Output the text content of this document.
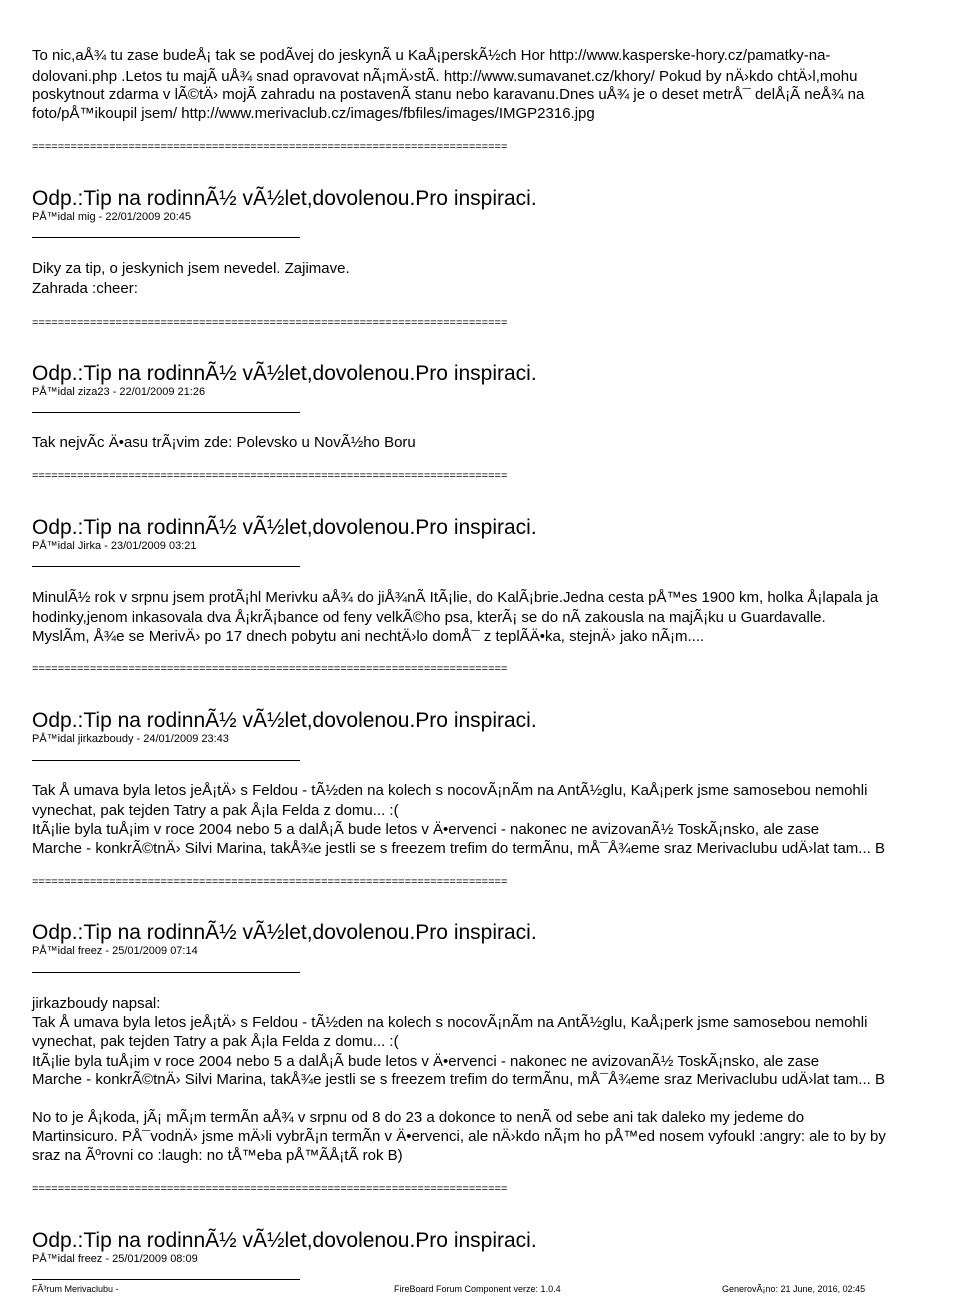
To nic,aÅ¾ tu zase budeÅ¡ tak se podÃvej do jeskynÃ u KaÅ¡perskÃ½ch Hor http://www.kasperske-hory.cz/pamatky-na-
dolovani.php .Letos tu majÃ uÅ¾ snad opravovat nÃ¡mÄ›stÃ. http://www.sumavanet.cz/khory/ Pokud by nÄ›kdo chtÄ›l,mohu
poskytnout zdarma v lÃ©tÄ› mojÃ zahradu na postavenÃ stanu nebo karavanu.Dnes uÅ¾ je o deset metrÅ¯ delÅ¡Ã neÅ¾ na
foto/pÅ™ikoupil jsem/ http://www.merivaclub.cz/images/fbfiles/images/IMGP2316.jpg
==========================================================================
Odp.:Tip na rodinnÃ½ vÃ½let,dovolenou.Pro inspiraci.
PÅ™idal mig - 22/01/2009 20:45
Diky za tip, o jeskynich jsem nevedel. Zajimave.
Zahrada :cheer:
==========================================================================
Odp.:Tip na rodinnÃ½ vÃ½let,dovolenou.Pro inspiraci.
PÅ™idal ziza23 - 22/01/2009 21:26
Tak nejvÃc Ä•asu trÃ¡vim zde: Polevsko u NovÃ½ho Boru
==========================================================================
Odp.:Tip na rodinnÃ½ vÃ½let,dovolenou.Pro inspiraci.
PÅ™idal Jirka - 23/01/2009 03:21
MinulÃ½ rok v srpnu jsem protÃ¡hl Merivku aÅ¾ do jiÅ¾nÃ ItÃ¡lie, do KalÃ¡brie.Jedna cesta pÅ™es 1900 km, holka Å¡lapala ja
hodinky,jenom inkasovala dva Å¡krÃ¡bance od feny velkÃ©ho psa, kterÃ¡ se do nÃ zakousla na majÃ¡ku u Guardavalle.
MyslÃm, Å¾e se MerivÄ› po 17 dnech pobytu ani nechtÄ›lo domÅ¯ z teplÃÄ•ka, stejnÄ› jako nÃ¡m....
==========================================================================
Odp.:Tip na rodinnÃ½ vÃ½let,dovolenou.Pro inspiraci.
PÅ™idal jirkazboudy - 24/01/2009 23:43
Tak Å umava byla letos jeÅ¡tÄ› s Feldou - tÃ½den na kolech s nocovÃ¡nÃm na AntÃ½glu, KaÅ¡perk jsme samosebou nemohli
vynechat, pak tejden Tatry a pak Å¡la Felda z domu... :(
ItÃ¡lie byla tuÅ¡im v roce 2004 nebo 5 a dalÅ¡Ã bude letos v Ä•ervenci - nakonec ne avizovanÃ½ ToskÃ¡nsko, ale zase
Marche - konkrÃ©tnÄ› Silvi Marina, takÅ¾e jestli se s freezem trefim do termÃnu, mÅ¯Å¾eme sraz Merivaclubu udÄ›lat tam... B
==========================================================================
Odp.:Tip na rodinnÃ½ vÃ½let,dovolenou.Pro inspiraci.
PÅ™idal freez - 25/01/2009 07:14
jirkazboudy napsal:
Tak Å umava byla letos jeÅ¡tÄ› s Feldou - tÃ½den na kolech s nocovÃ¡nÃm na AntÃ½glu, KaÅ¡perk jsme samosebou nemohli
vynechat, pak tejden Tatry a pak Å¡la Felda z domu... :(
ItÃ¡lie byla tuÅ¡im v roce 2004 nebo 5 a dalÅ¡Ã bude letos v Ä•ervenci - nakonec ne avizovanÃ½ ToskÃ¡nsko, ale zase
Marche - konkrÃ©tnÄ› Silvi Marina, takÅ¾e jestli se s freezem trefim do termÃnu, mÅ¯Å¾eme sraz Merivaclubu udÄ›lat tam... B
No to je Å¡koda, jÃ¡ mÃ¡m termÃn aÅ¾ v srpnu od 8 do 23 a dokonce to nenÃ od sebe ani tak daleko my jedeme do
Martinsicuro. PÅ¯vodnÄ› jsme mÄ›li vybrÃ¡n termÃn v Ä•ervenci, ale nÄ›kdo nÃ¡m ho pÅ™ed nosem vyfoukl :angry: ale to by by
sraz na Ãºrovni co :laugh: no tÅ™eba pÅ™ÃÅ¡tÃ rok B)
==========================================================================
Odp.:Tip na rodinnÃ½ vÃ½let,dovolenou.Pro inspiraci.
PÅ™idal freez - 25/01/2009 08:09
FÃ³rum Merivaclubu -	FireBoard Forum Component verze: 1.0.4	GenerovÃ¡no: 21 June, 2016, 02:45
